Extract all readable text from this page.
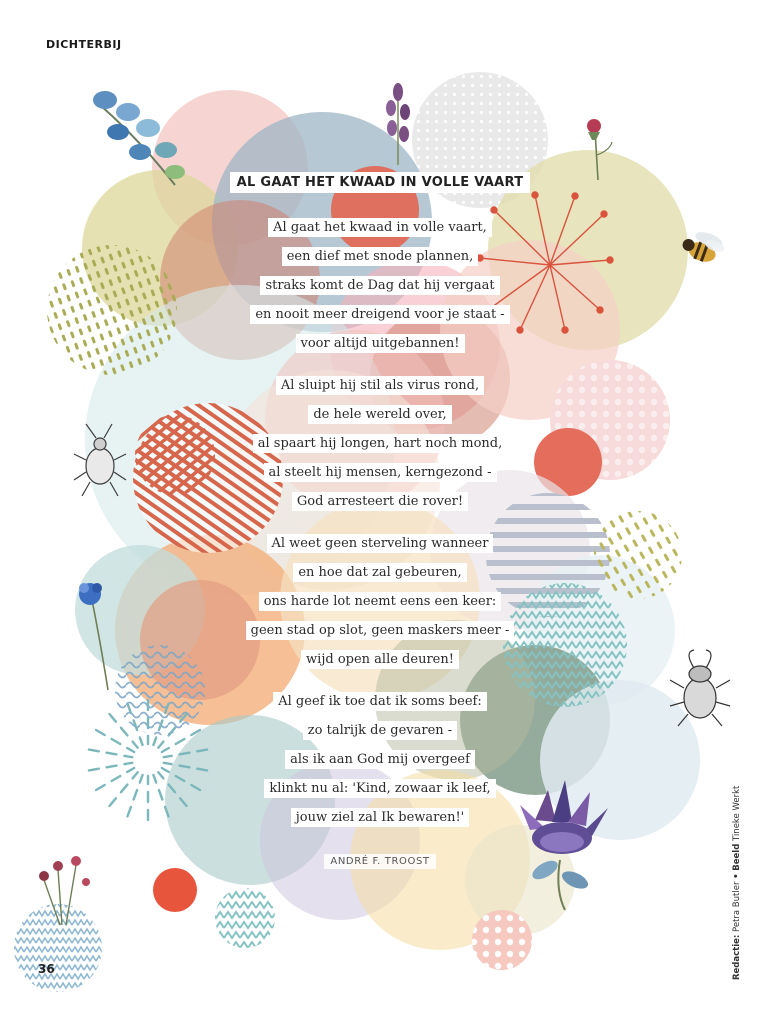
DICHTERBIJ
AL GAAT HET KWAAD IN VOLLE VAART
Al gaat het kwaad in volle vaart,
een dief met snode plannen,
straks komt de Dag dat hij vergaat
en nooit meer dreigend voor je staat -
voor altijd uitgebannen!
Al sluipt hij stil als virus rond,
de hele wereld over,
al spaart hij longen, hart noch mond,
al steelt hij mensen, kerngezond -
God arresteert die rover!
Al weet geen sterveling wanneer
en hoe dat zal gebeuren,
ons harde lot neemt eens een keer:
geen stad op slot, geen maskers meer -
wijd open alle deuren!
Al geef ik toe dat ik soms beef:
zo talrijk de gevaren -
als ik aan God mij overgeef
klinkt nu al: 'Kind, zowaar ik leef,
jouw ziel zal Ik bewaren!'
ANDRÉ F. TROOST
36	Redactie: Petra Butler • Beeld Tineke Werkt
